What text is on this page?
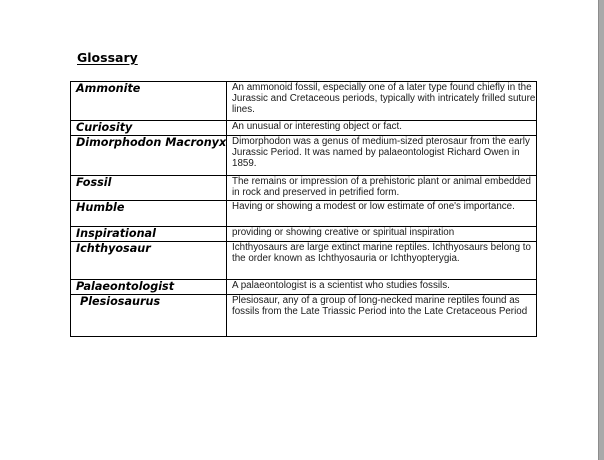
Glossary
Ammonite	An ammonoid fossil, especially one of a later type found chiefly in the Jurassic and Cretaceous periods, typically with intricately frilled suture lines.
Curiosity	An unusual or interesting object or fact.
Dimorphodon Macronyx	Dimorphodon was a genus of medium-sized pterosaur from the early Jurassic Period. It was named by palaeontologist Richard Owen in 1859.
Fossil	The remains or impression of a prehistoric plant or animal embedded in rock and preserved in petrified form.
Humble	Having or showing a modest or low estimate of one's importance.
Inspirational	providing or showing creative or spiritual inspiration
Ichthyosaur	Ichthyosaurs are large extinct marine reptiles. Ichthyosaurs belong to the order known as Ichthyosauria or Ichthyopterygia.
Palaeontologist	A palaeontologist is a scientist who studies fossils.
Plesiosaurus	Plesiosaur, any of a group of long-necked marine reptiles found as fossils from the Late Triassic Period into the Late Cretaceous Period
